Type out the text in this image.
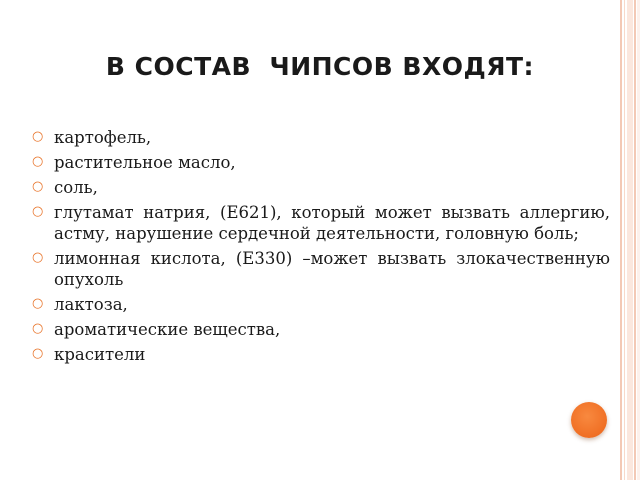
В СОСТАВ  ЧИПСОВ ВХОДЯТ:
○ картофель,
○ растительное масло,
○ соль,
○ глутамат натрия, (Е621), который может вызвать аллергию, астму, нарушение сердечной деятельности, головную боль;
○ лимонная кислота, (Е330) –может вызвать злокачественную опухоль
○ лактоза,
○ ароматические вещества,
○ красители
